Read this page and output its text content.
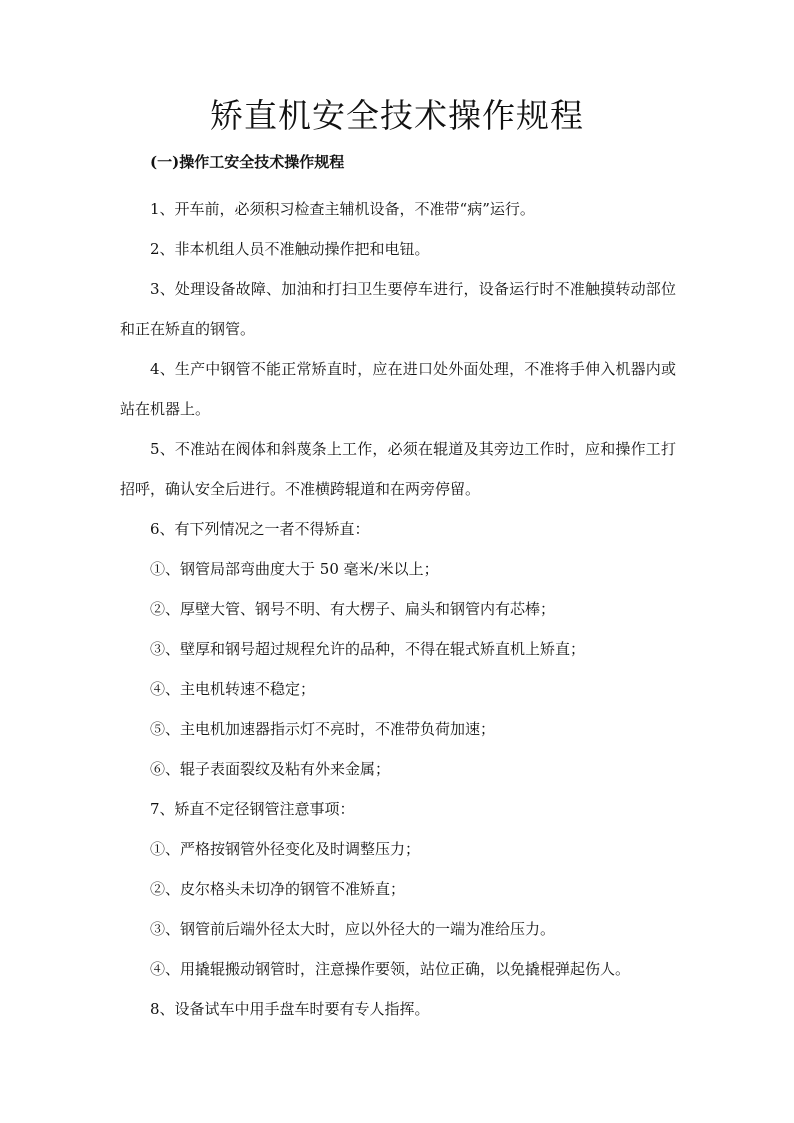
矫直机安全技术操作规程
(一)操作工安全技术操作规程

1、开车前，必须积习检查主辅机设备，不准带“病”运行。

2、非本机组人员不准触动操作把和电钮。

3、处理设备故障、加油和打扫卫生要停车进行，设备运行时不准触摸转动部位和正在矫直的钢管。

4、生产中钢管不能正常矫直时，应在进口处外面处理，不准将手伸入机器内或站在机器上。

5、不准站在阀体和斜蔑条上工作，必须在辊道及其旁边工作时，应和操作工打招呼，确认安全后进行。不准横跨辊道和在两旁停留。

6、有下列情况之一者不得矫直：

①、钢管局部弯曲度大于 50 毫米/米以上；

②、厚壁大管、钢号不明、有大楞子、扁头和钢管内有芯棒；

③、壁厚和钢号超过规程允许的品种，不得在辊式矫直机上矫直；

④、主电机转速不稳定；

⑤、主电机加速器指示灯不亮时，不准带负荷加速；

⑥、辊子表面裂纹及粘有外来金属；

7、矫直不定径钢管注意事项：

①、严格按钢管外径变化及时调整压力；

②、皮尔格头未切净的钢管不准矫直；

③、钢管前后端外径太大时，应以外径大的一端为准给压力。

④、用撬辊搬动钢管时，注意操作要领，站位正确，以免撬棍弹起伤人。

8、设备试车中用手盘车时要有专人指挥。
